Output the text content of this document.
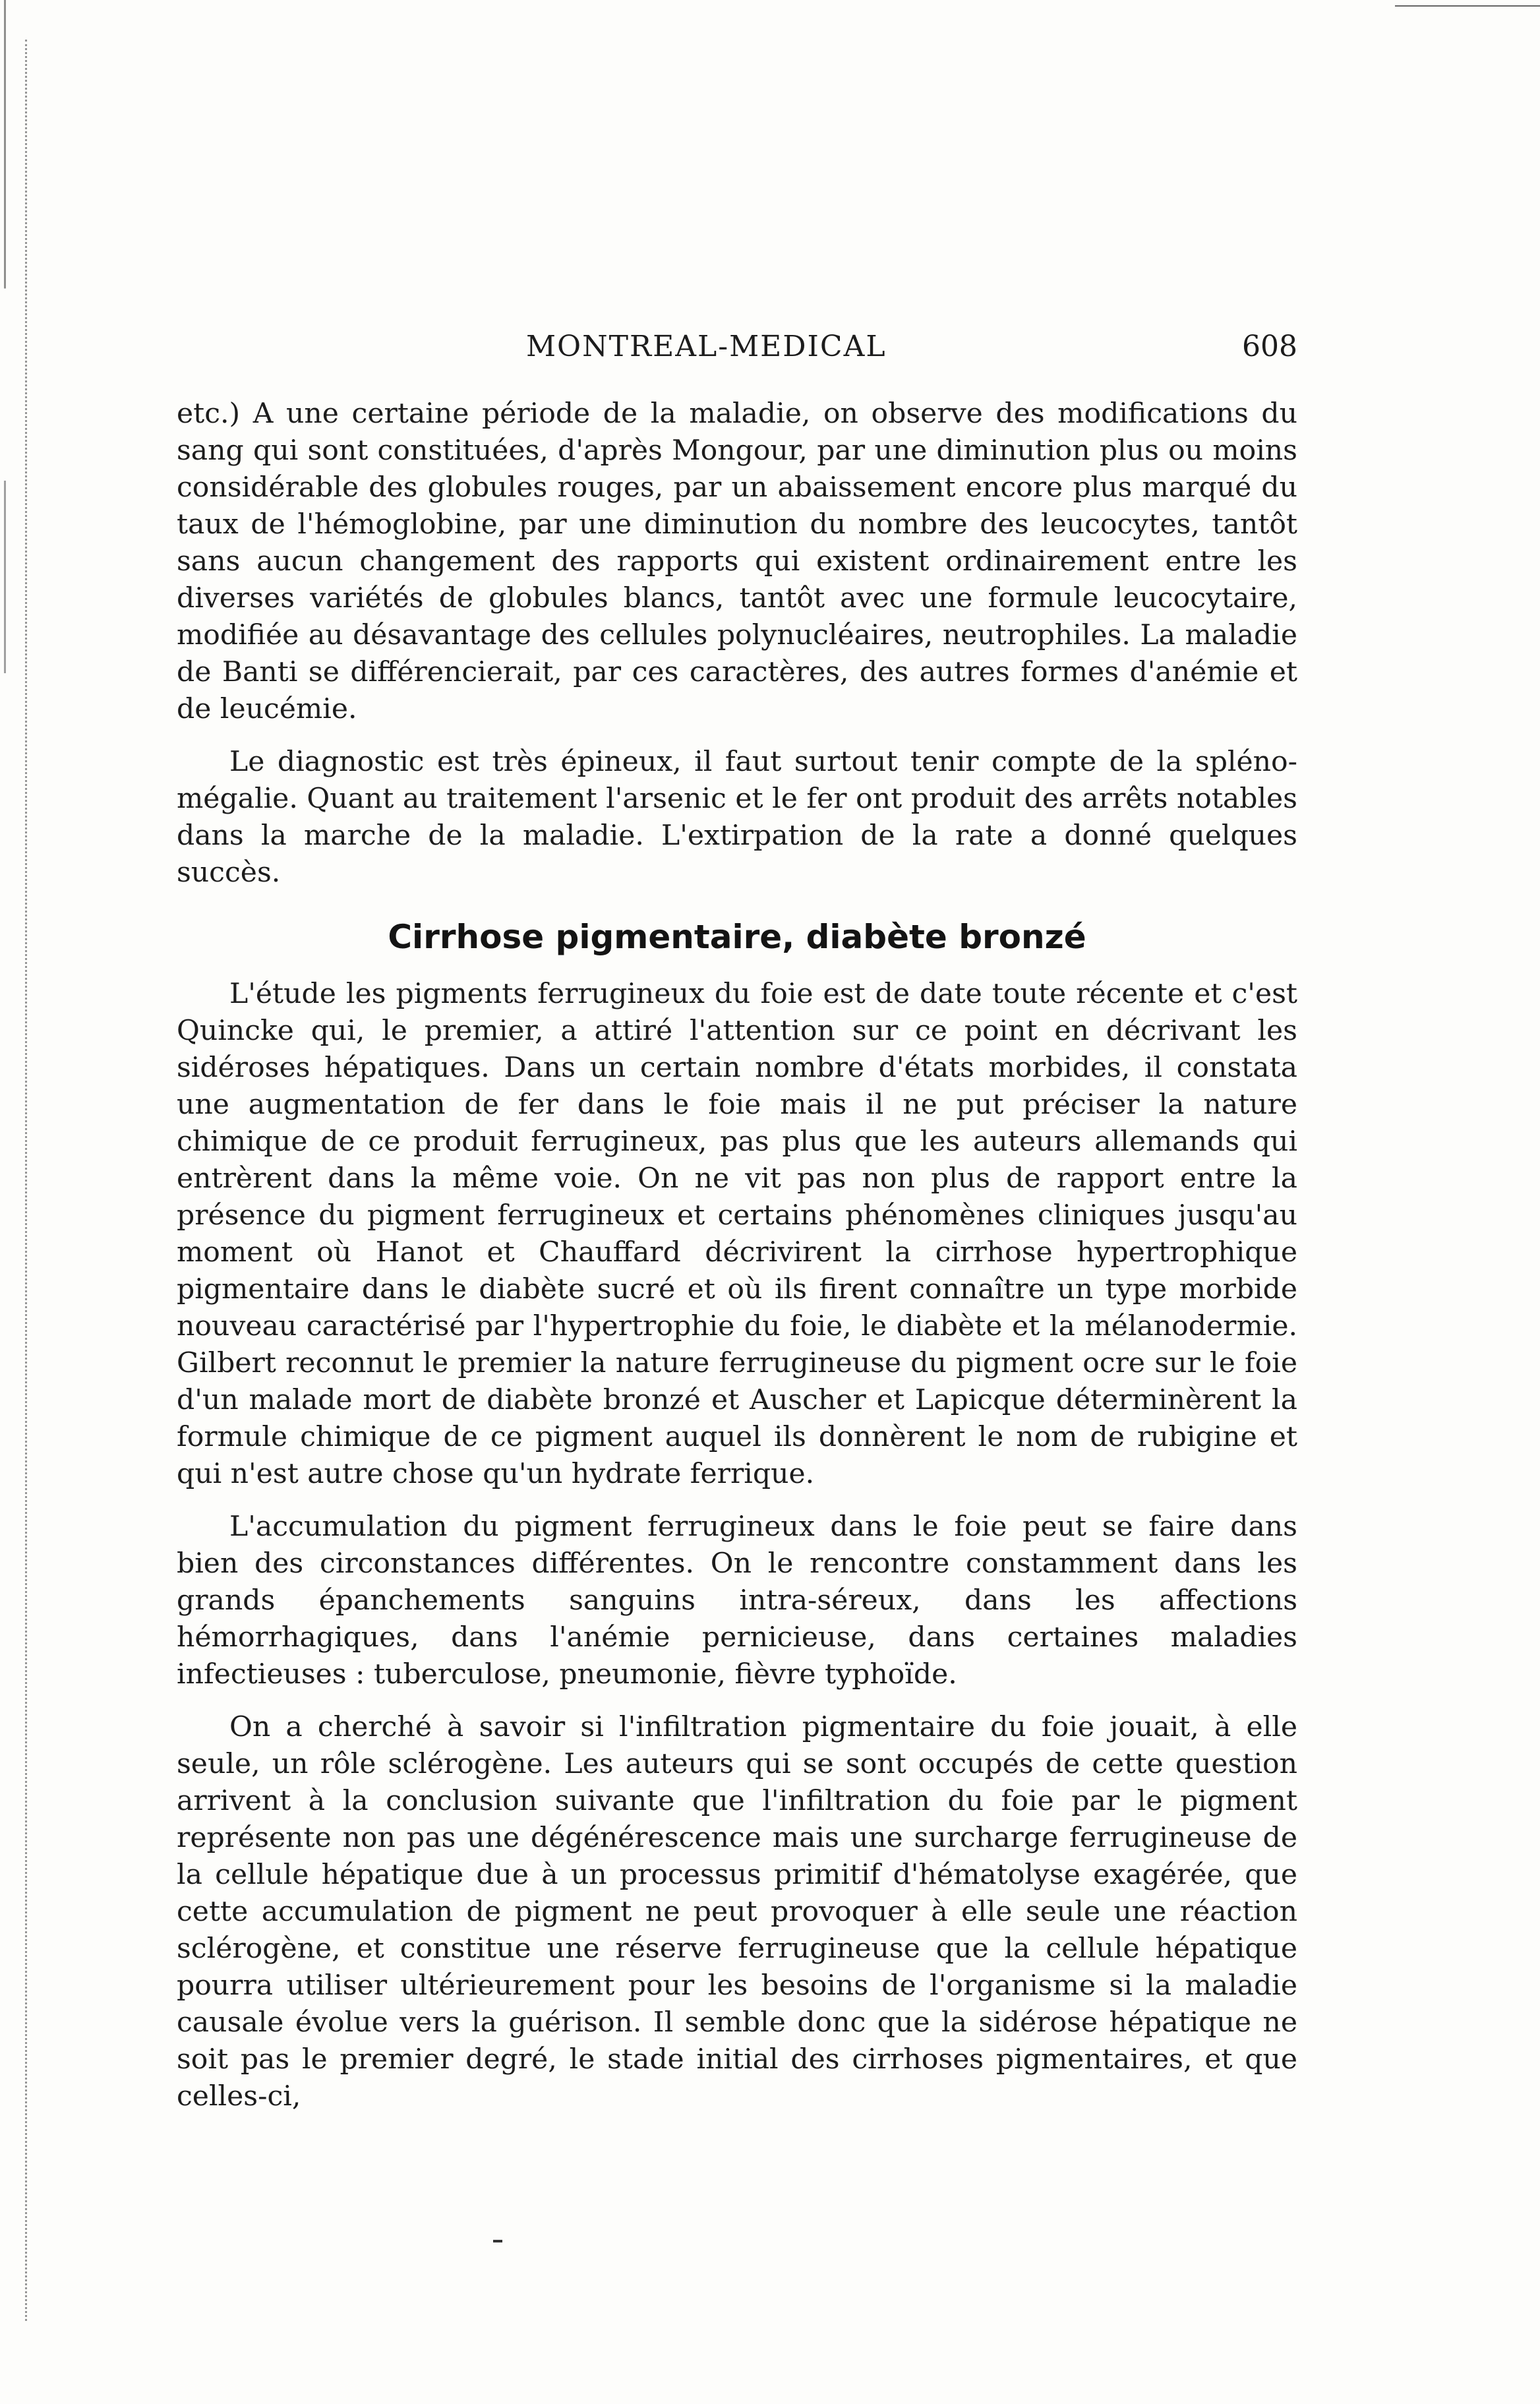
MONTREAL-MEDICAL	608

etc.) A une certaine période de la maladie, on observe des modifications du sang qui sont constituées, d'après Mongour, par une diminution plus ou moins considérable des globules rouges, par un abaissement encore plus marqué du taux de l'hémoglobine, par une diminution du nombre des leucocytes, tantôt sans aucun changement des rapports qui existent ordinairement entre les diverses variétés de globules blancs, tantôt avec une formule leucocytaire, modifiée au désavantage des cellules polynucléaires, neutrophiles. La maladie de Banti se différencierait, par ces caractères, des autres formes d'anémie et de leucémie.

Le diagnostic est très épineux, il faut surtout tenir compte de la spléno-mégalie. Quant au traitement l'arsenic et le fer ont produit des arrêts notables dans la marche de la maladie. L'extirpation de la rate a donné quelques succès.

Cirrhose pigmentaire, diabète bronzé

L'étude les pigments ferrugineux du foie est de date toute récente et c'est Quincke qui, le premier, a attiré l'attention sur ce point en décrivant les sidéroses hépatiques. Dans un certain nombre d'états morbides, il constata une augmentation de fer dans le foie mais il ne put préciser la nature chimique de ce produit ferrugineux, pas plus que les auteurs allemands qui entrèrent dans la même voie. On ne vit pas non plus de rapport entre la présence du pigment ferrugineux et certains phénomènes cliniques jusqu'au moment où Hanot et Chauffard décrivirent la cirrhose hypertrophique pigmentaire dans le diabète sucré et où ils firent connaître un type morbide nouveau caractérisé par l'hypertrophie du foie, le diabète et la mélanodermie. Gilbert reconnut le premier la nature ferrugineuse du pigment ocre sur le foie d'un malade mort de diabète bronzé et Auscher et Lapicque déterminèrent la formule chimique de ce pigment auquel ils donnèrent le nom de rubigine et qui n'est autre chose qu'un hydrate ferrique.

L'accumulation du pigment ferrugineux dans le foie peut se faire dans bien des circonstances différentes. On le rencontre constamment dans les grands épanchements sanguins intra-séreux, dans les affections hémorrhagiques, dans l'anémie pernicieuse, dans certaines maladies infectieuses : tuberculose, pneumonie, fièvre typhoïde.

On a cherché à savoir si l'infiltration pigmentaire du foie jouait, à elle seule, un rôle sclérogène. Les auteurs qui se sont occupés de cette question arrivent à la conclusion suivante que l'infiltration du foie par le pigment représente non pas une dégénérescence mais une surcharge ferrugineuse de la cellule hépatique due à un processus primitif d'hématolyse exagérée, que cette accumulation de pigment ne peut provoquer à elle seule une réaction sclérogène, et constitue une réserve ferrugineuse que la cellule hépatique pourra utiliser ultérieurement pour les besoins de l'organisme si la maladie causale évolue vers la guérison. Il semble donc que la sidérose hépatique ne soit pas le premier degré, le stade initial des cirrhoses pigmentaires, et que celles-ci,
